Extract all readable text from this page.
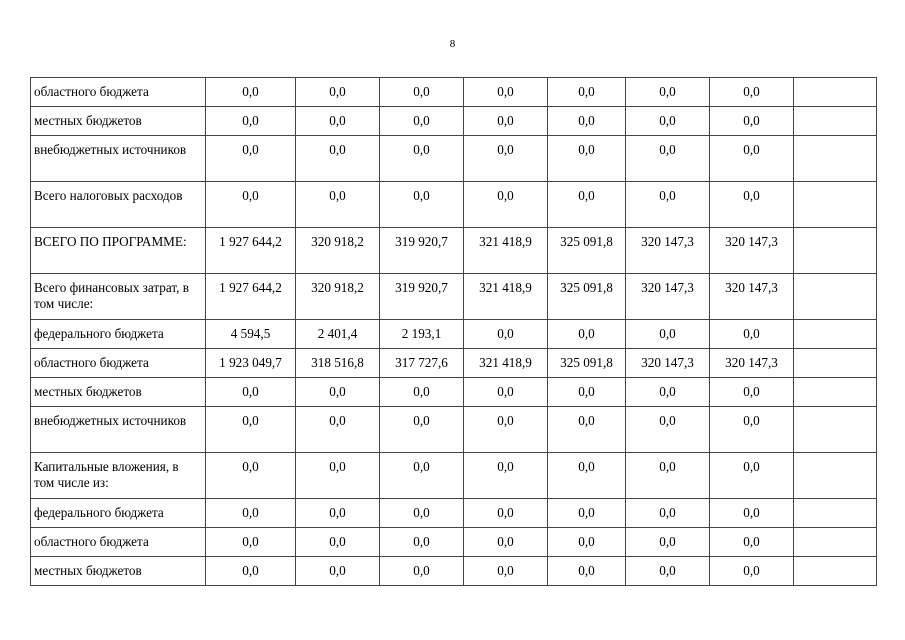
8
областного бюджета	0,0	0,0	0,0	0,0	0,0	0,0	0,0	
местных бюджетов	0,0	0,0	0,0	0,0	0,0	0,0	0,0	
внебюджетных источников	0,0	0,0	0,0	0,0	0,0	0,0	0,0	
Всего налоговых расходов	0,0	0,0	0,0	0,0	0,0	0,0	0,0	
ВСЕГО ПО ПРОГРАММЕ:	1 927 644,2	320 918,2	319 920,7	321 418,9	325 091,8	320 147,3	320 147,3	
Всего финансовых затрат, в том числе:	1 927 644,2	320 918,2	319 920,7	321 418,9	325 091,8	320 147,3	320 147,3	
федерального бюджета	4 594,5	2 401,4	2 193,1	0,0	0,0	0,0	0,0	
областного бюджета	1 923 049,7	318 516,8	317 727,6	321 418,9	325 091,8	320 147,3	320 147,3	
местных бюджетов	0,0	0,0	0,0	0,0	0,0	0,0	0,0	
внебюджетных источников	0,0	0,0	0,0	0,0	0,0	0,0	0,0	
Капитальные вложения, в том числе из:	0,0	0,0	0,0	0,0	0,0	0,0	0,0	
федерального бюджета	0,0	0,0	0,0	0,0	0,0	0,0	0,0	
областного бюджета	0,0	0,0	0,0	0,0	0,0	0,0	0,0	
местных бюджетов	0,0	0,0	0,0	0,0	0,0	0,0	0,0	
